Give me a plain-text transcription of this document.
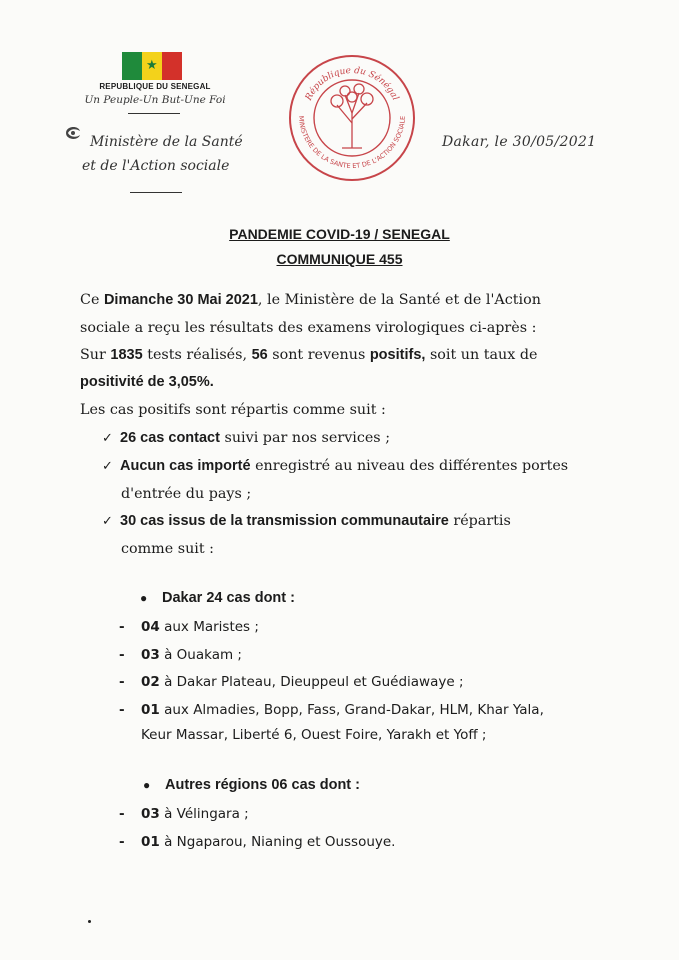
★
REPUBLIQUE DU SENEGAL
Un Peuple-Un But-Une Foi
Ministère de la Santé
et de l'Action sociale
République du Sénégal
MINISTERE DE LA SANTE ET DE L'ACTION SOCIALE
Dakar, le 30/05/2021
PANDEMIE COVID-19 / SENEGAL
COMMUNIQUE 455
Ce Dimanche 30 Mai 2021, le Ministère de la Santé et de l'Action
sociale a reçu les résultats des examens virologiques ci-après :
Sur 1835 tests réalisés, 56 sont revenus positifs, soit un taux de
positivité de 3,05%.
Les cas positifs sont répartis comme suit :
✓ 26 cas contact suivi par nos services ;
✓ Aucun cas importé enregistré au niveau des différentes portes
d'entrée du pays ;
✓ 30 cas issus de la transmission communautaire répartis
comme suit :
● Dakar 24 cas dont :
- 04 aux Maristes ;
- 03 à Ouakam ;
- 02 à Dakar Plateau, Dieuppeul et Guédiawaye ;
- 01 aux Almadies, Bopp, Fass, Grand-Dakar, HLM, Khar Yala,
Keur Massar, Liberté 6, Ouest Foire, Yarakh et Yoff ;
● Autres régions 06 cas dont :
- 03 à Vélingara ;
- 01 à Ngaparou, Nianing et Oussouye.
